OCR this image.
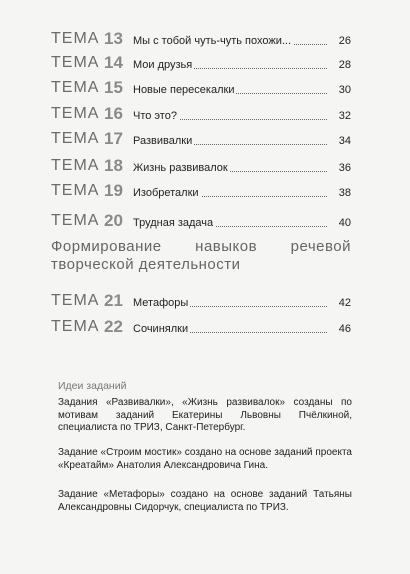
ТЕМА 13 Мы с тобой чуть-чуть похожи...	26
ТЕМА 14 Мои друзья	28
ТЕМА 15 Новые пересекалки	30
ТЕМА 16 Что это?	32
ТЕМА 17 Развивалки	34
ТЕМА 18 Жизнь развивалок	36
ТЕМА 19 Изобреталки	38
ТЕМА 20 Трудная задача	40
Формирование навыков речевой творческой деятельности
ТЕМА 21 Метафоры	42
ТЕМА 22 Сочинялки	46
Идеи заданий
Задания «Развивалки», «Жизнь развивалок» созданы по мотивам заданий Екатерины Львовны Пчёлкиной, специалиста по ТРИЗ, Санкт-Петербург.
Задание «Строим мостик» создано на основе заданий проекта «Креатайм» Анатолия Александровича Гина.
Задание «Метафоры» создано на основе заданий Татьяны Александровны Сидорчук, специалиста по ТРИЗ.
